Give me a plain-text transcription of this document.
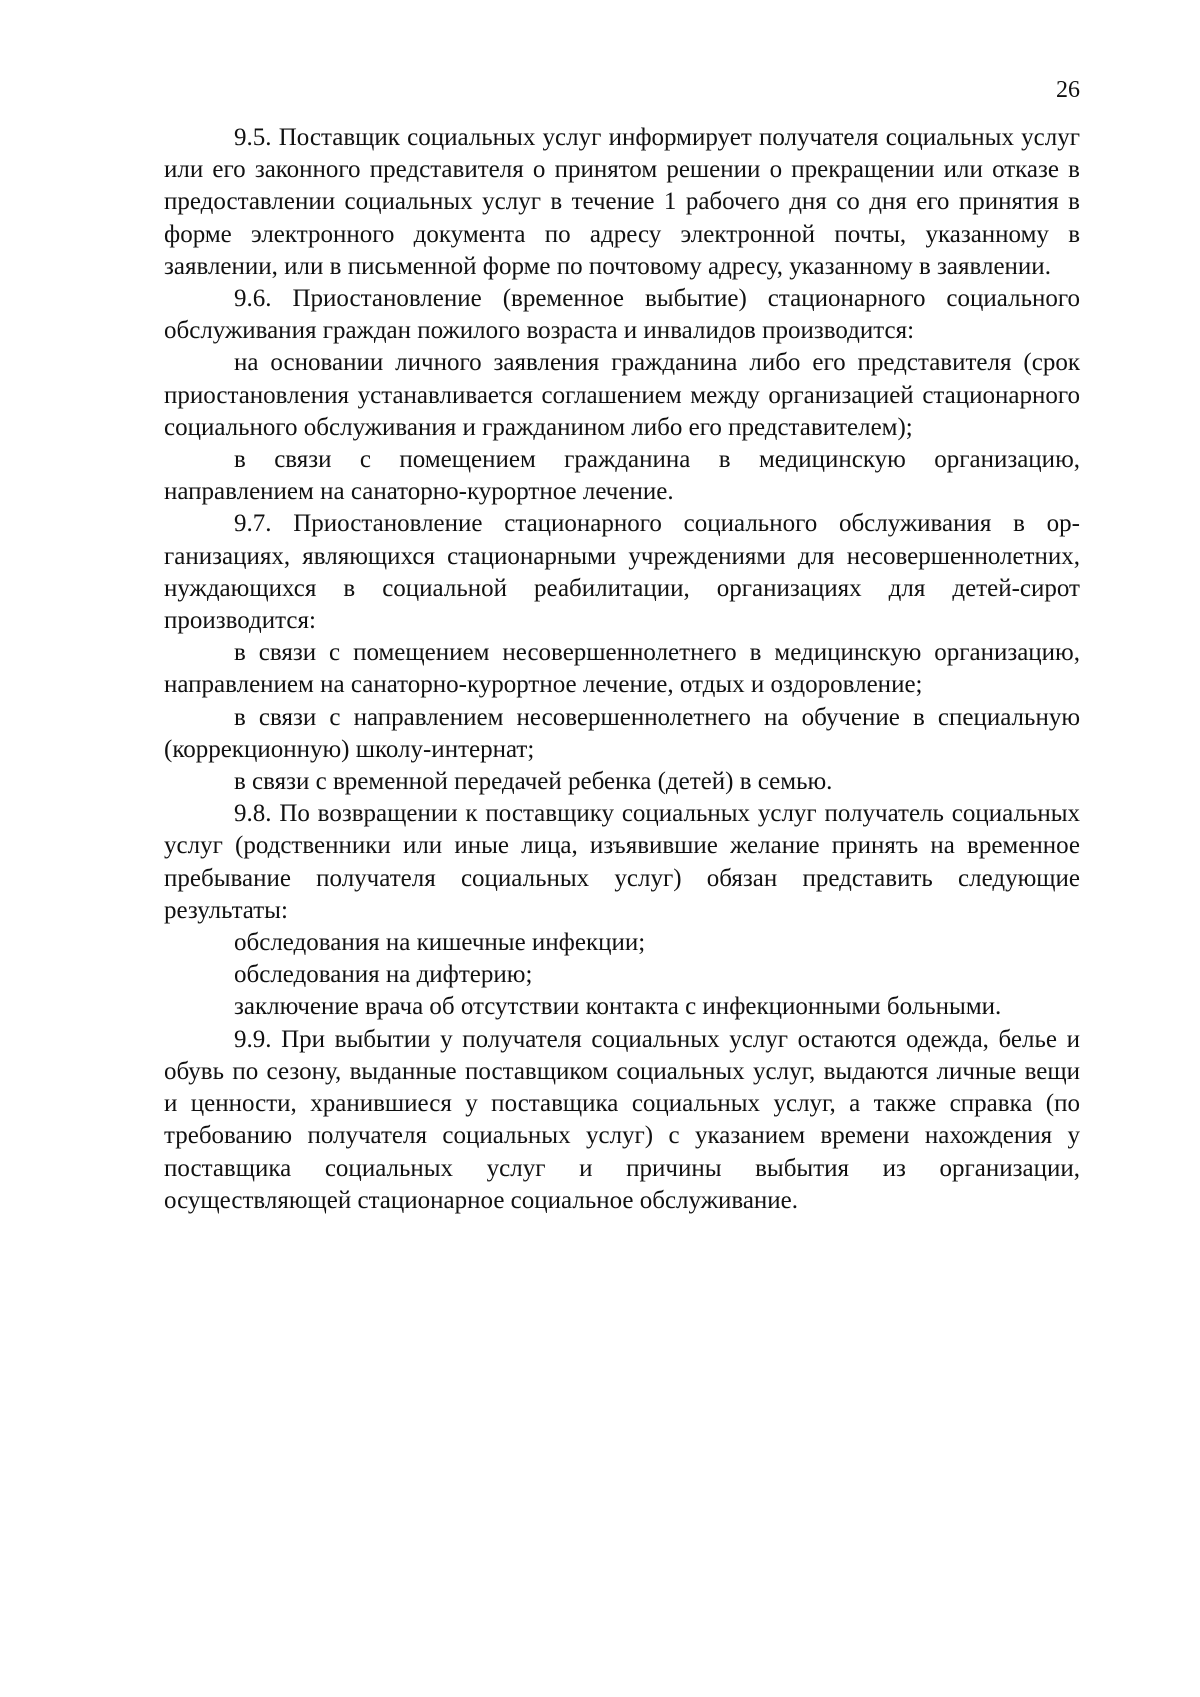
26

9.5. Поставщик социальных услуг информирует получателя социальных услуг или его законного представителя о принятом решении о прекращении или отказе в предоставлении социальных услуг в течение 1 рабочего дня со дня его принятия в форме электронного документа по адресу электронной почты, указанному в заявлении, или в письменной форме по почтовому адресу, указанному в заявлении.

9.6. Приостановление (временное выбытие) стационарного социального обслуживания граждан пожилого возраста и инвалидов производится:

на основании личного заявления гражданина либо его представителя (срок приостановления устанавливается соглашением между организацией стационарного социального обслуживания и гражданином либо его представителем);

в связи с помещением гражданина в медицинскую организацию, направлением на санаторно-курортное лечение.

9.7. Приостановление стационарного социального обслуживания в организациях, являющихся стационарными учреждениями для несовершеннолетних, нуждающихся в социальной реабилитации, организациях для детей-сирот производится:

в связи с помещением несовершеннолетнего в медицинскую организацию, направлением на санаторно-курортное лечение, отдых и оздоровление;

в связи с направлением несовершеннолетнего на обучение в специальную (коррекционную) школу-интернат;

в связи с временной передачей ребенка (детей) в семью.

9.8. По возвращении к поставщику социальных услуг получатель социальных услуг (родственники или иные лица, изъявившие желание принять на временное пребывание получателя социальных услуг) обязан представить следующие результаты:

обследования на кишечные инфекции;

обследования на дифтерию;

заключение врача об отсутствии контакта с инфекционными больными.

9.9. При выбытии у получателя социальных услуг остаются одежда, белье и обувь по сезону, выданные поставщиком социальных услуг, выдаются личные вещи и ценности, хранившиеся у поставщика социальных услуг, а также справка (по требованию получателя социальных услуг) с указанием времени нахождения у поставщика социальных услуг и причины выбытия из организации, осуществляющей стационарное социальное обслуживание.
